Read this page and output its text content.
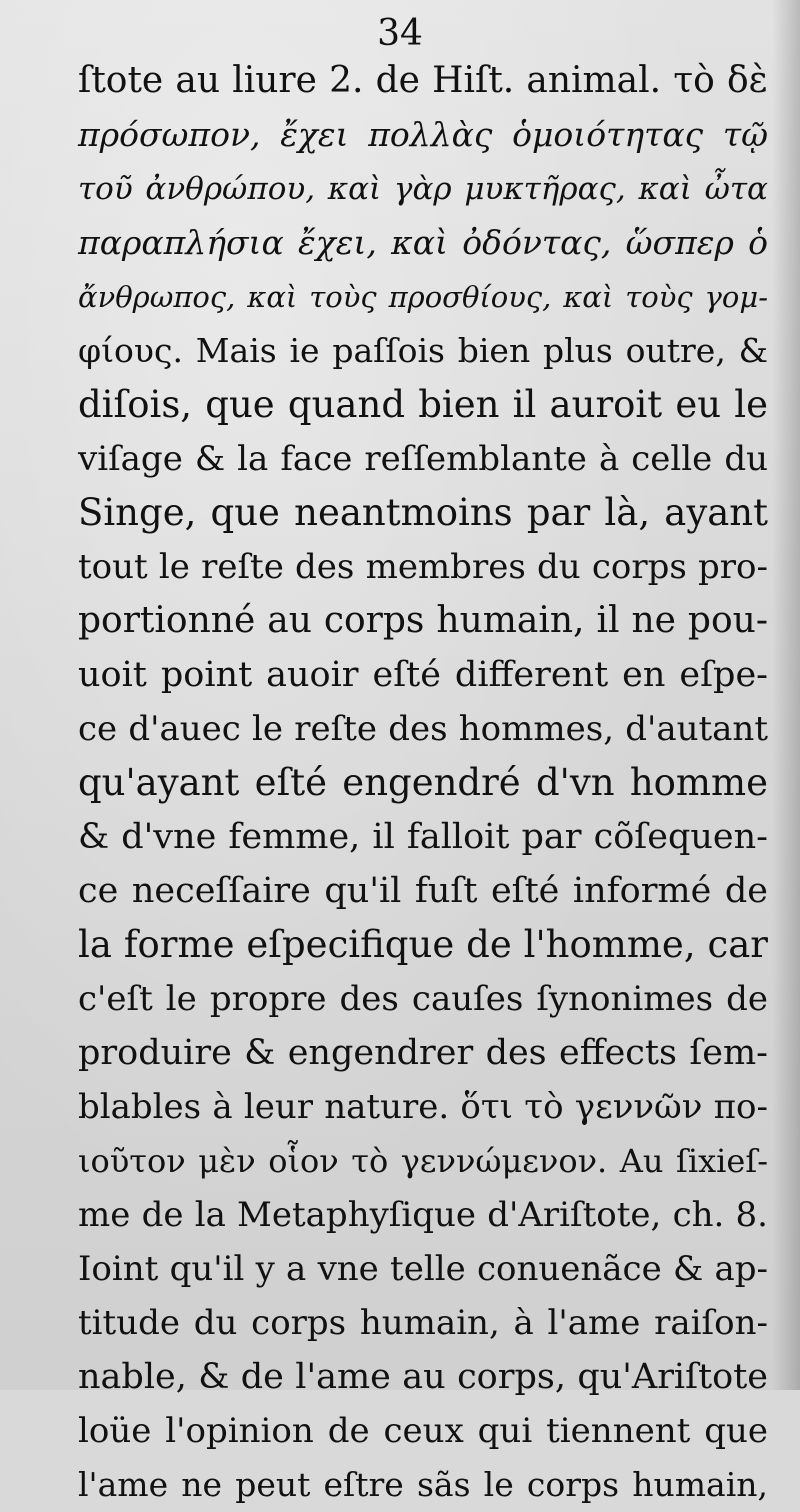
34
ſtote au liure 2. de Hiſt. animal. τὸ δὲ
πρόσωπον, ἔχει πολλὰς ὁμοιότητας τῷ
τοῦ ἀνθρώπου, καὶ γὰρ μυκτῆρας, καὶ ὦτα
παραπλήσια ἔχει, καὶ ὀδόντας, ὥσπερ ὁ
ἄνθρωπος, καὶ τοὺς προσθίους, καὶ τοὺς γομ-
φίους. Mais ie paſſois bien plus outre, &
diſois, que quand bien il auroit eu le
viſage & la face reſſemblante à celle du
Singe, que neantmoins par là, ayant
tout le reſte des membres du corps pro-
portionné au corps humain, il ne pou-
uoit point auoir eſté different en eſpe-
ce d'auec le reſte des hommes, d'autant
qu'ayant eſté engendré d'vn homme
& d'vne femme, il falloit par cõſequen-
ce neceſſaire qu'il fuſt eſté informé de
la forme eſpecifique de l'homme, car
c'eſt le propre des cauſes ſynonimes de
produire & engendrer des effects ſem-
blables à leur nature. ὅτι τὸ γεννῶν πο-
ιοῦτον μὲν οἷον τὸ γεννώμενον. Au ſixieſ-
me de la Metaphyſique d'Ariſtote, ch. 8.
Ioint qu'il y a vne telle conuenãce & ap-
titude du corps humain, à l'ame raiſon-
nable, & de l'ame au corps, qu'Ariſtote
loüe l'opinion de ceux qui tiennent que
l'ame ne peut eſtre sãs le corps humain,
